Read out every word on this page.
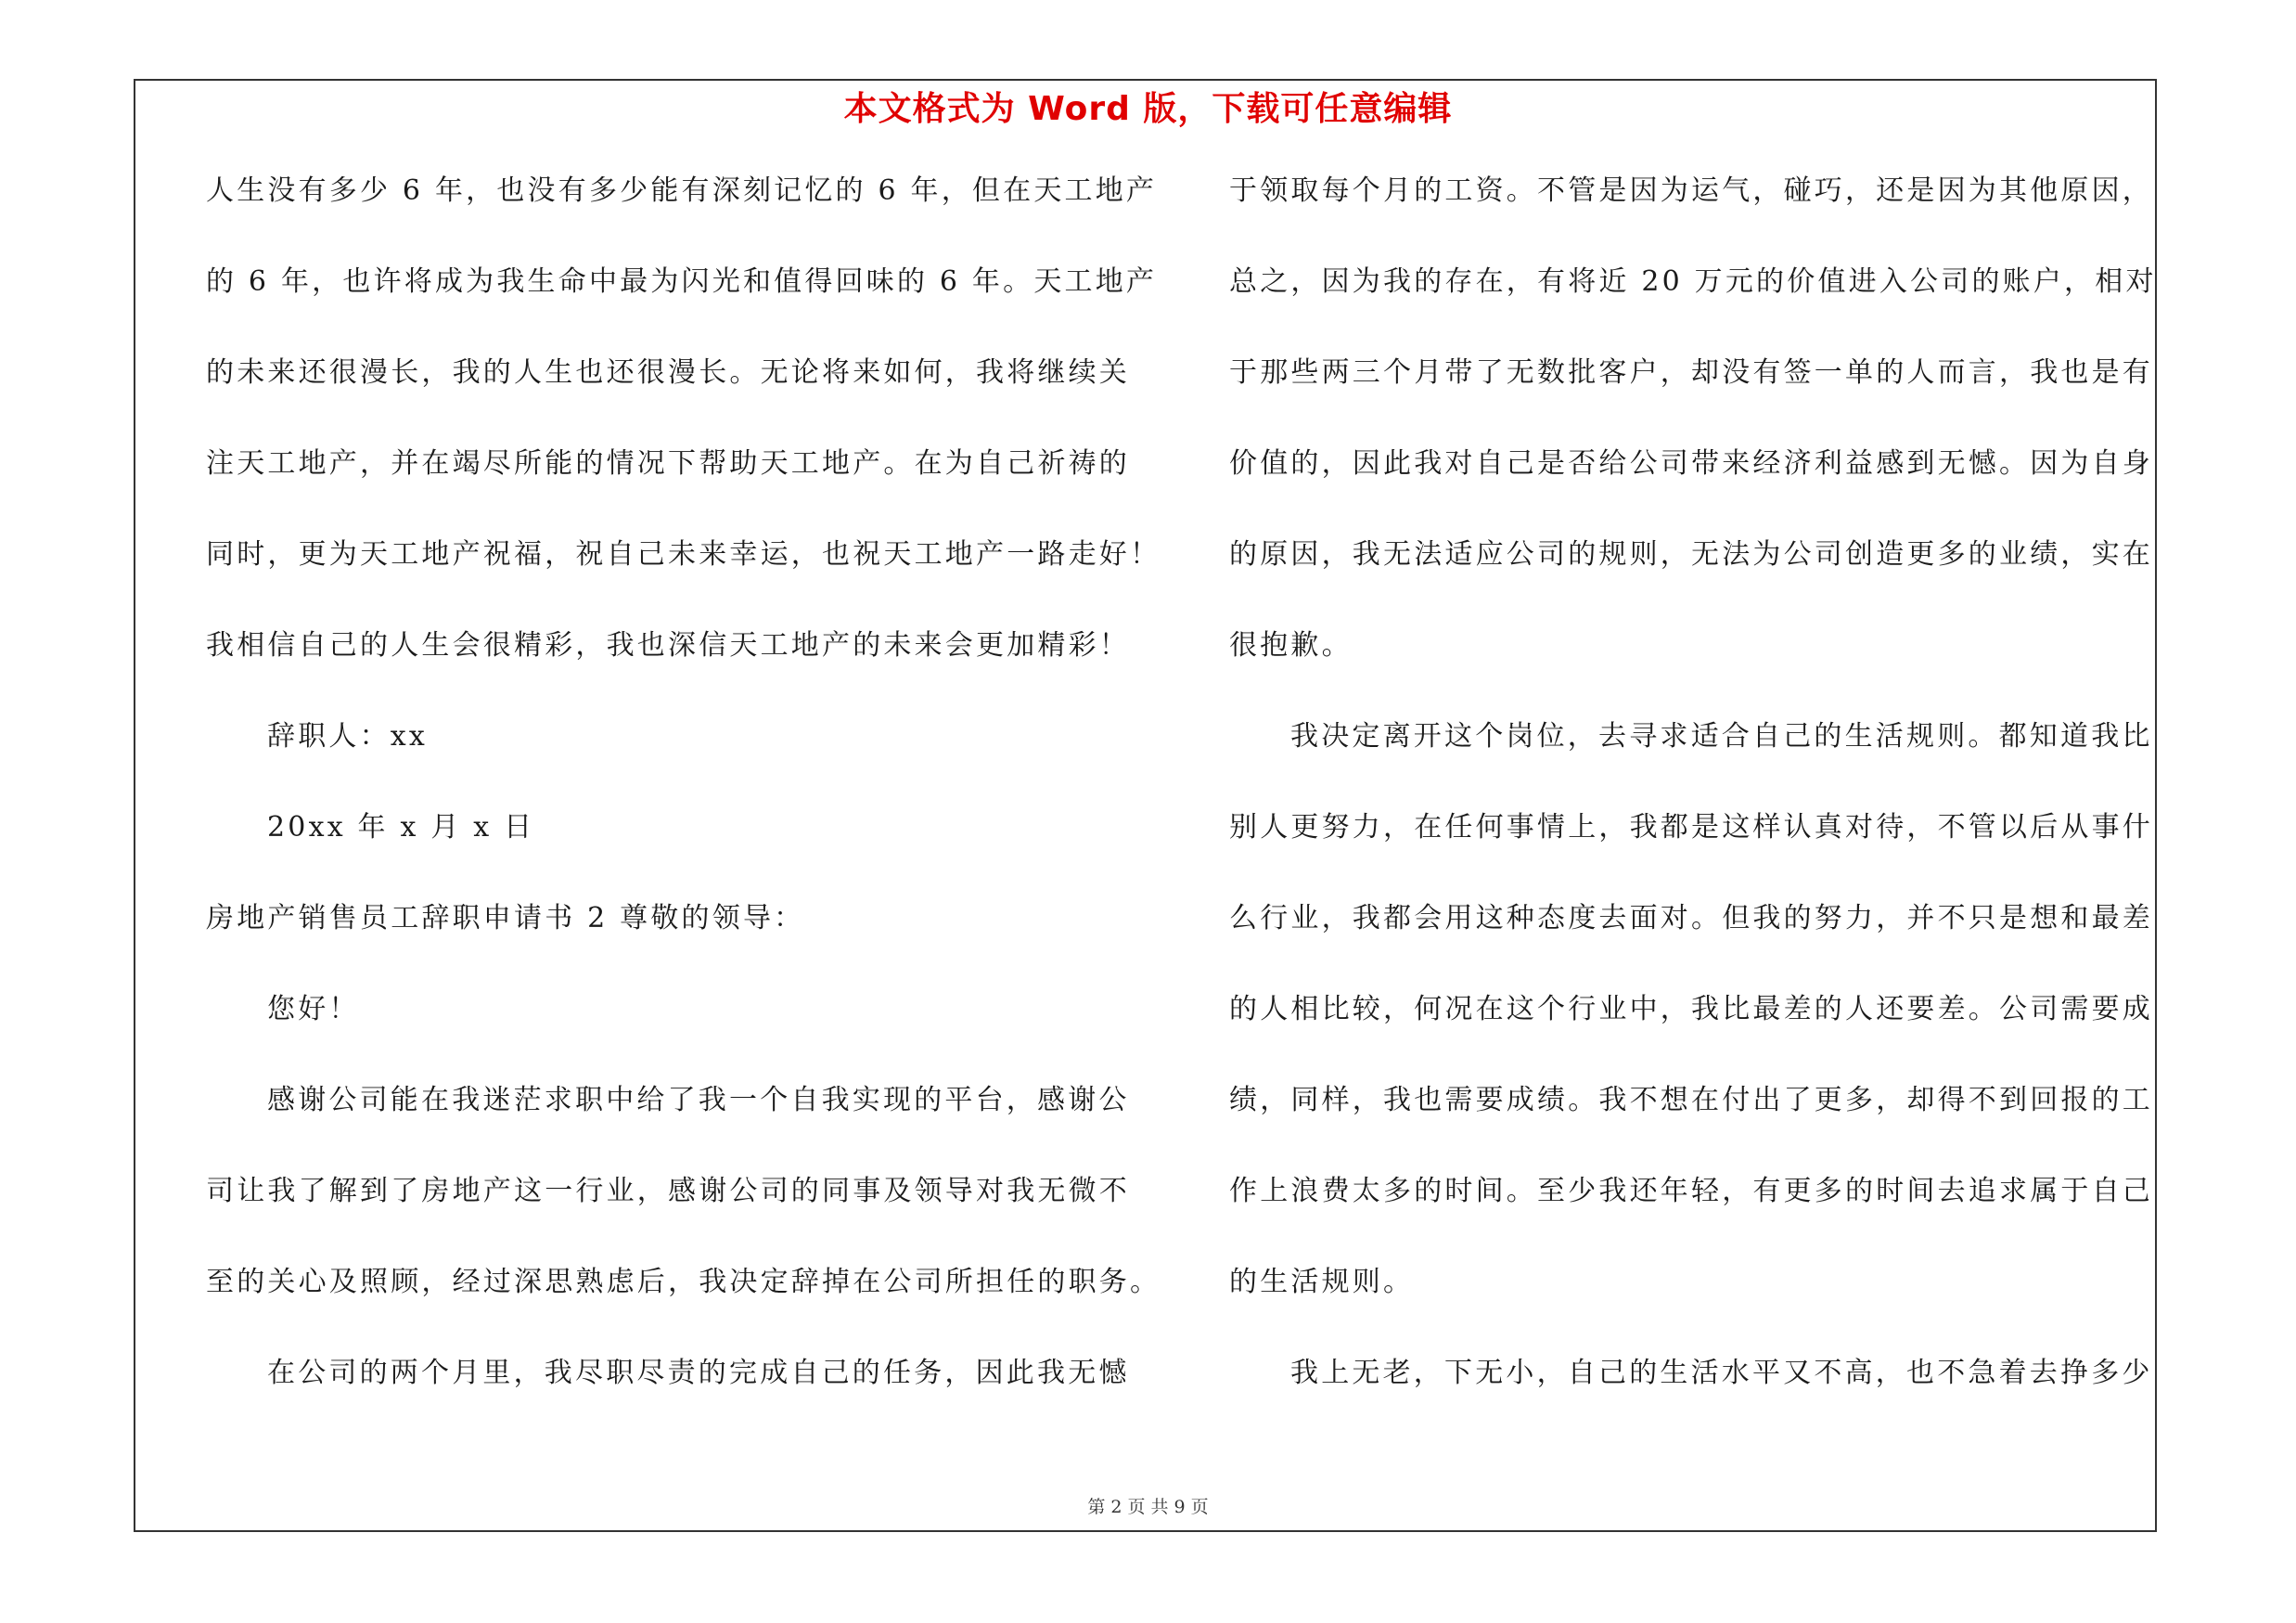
本文格式为 Word 版，下载可任意编辑
人生没有多少 6 年，也没有多少能有深刻记忆的 6 年，但在天工地产
的 6 年，也许将成为我生命中最为闪光和值得回味的 6 年。天工地产
的未来还很漫长，我的人生也还很漫长。无论将来如何，我将继续关
注天工地产，并在竭尽所能的情况下帮助天工地产。在为自己祈祷的
同时，更为天工地产祝福，祝自己未来幸运，也祝天工地产一路走好！
我相信自己的人生会很精彩，我也深信天工地产的未来会更加精彩！
辞职人：xx
20xx 年 x 月 x 日
房地产销售员工辞职申请书 2 尊敬的领导：
您好！
感谢公司能在我迷茫求职中给了我一个自我实现的平台，感谢公
司让我了解到了房地产这一行业，感谢公司的同事及领导对我无微不
至的关心及照顾，经过深思熟虑后，我决定辞掉在公司所担任的职务。
在公司的两个月里，我尽职尽责的完成自己的任务，因此我无憾
于领取每个月的工资。不管是因为运气，碰巧，还是因为其他原因，
总之，因为我的存在，有将近 20 万元的价值进入公司的账户，相对
于那些两三个月带了无数批客户，却没有签一单的人而言，我也是有
价值的，因此我对自己是否给公司带来经济利益感到无憾。因为自身
的原因，我无法适应公司的规则，无法为公司创造更多的业绩，实在
很抱歉。
我决定离开这个岗位，去寻求适合自己的生活规则。都知道我比
别人更努力，在任何事情上，我都是这样认真对待，不管以后从事什
么行业，我都会用这种态度去面对。但我的努力，并不只是想和最差
的人相比较，何况在这个行业中，我比最差的人还要差。公司需要成
绩，同样，我也需要成绩。我不想在付出了更多，却得不到回报的工
作上浪费太多的时间。至少我还年轻，有更多的时间去追求属于自己
的生活规则。
我上无老，下无小，自己的生活水平又不高，也不急着去挣多少
第 2 页 共 9 页
